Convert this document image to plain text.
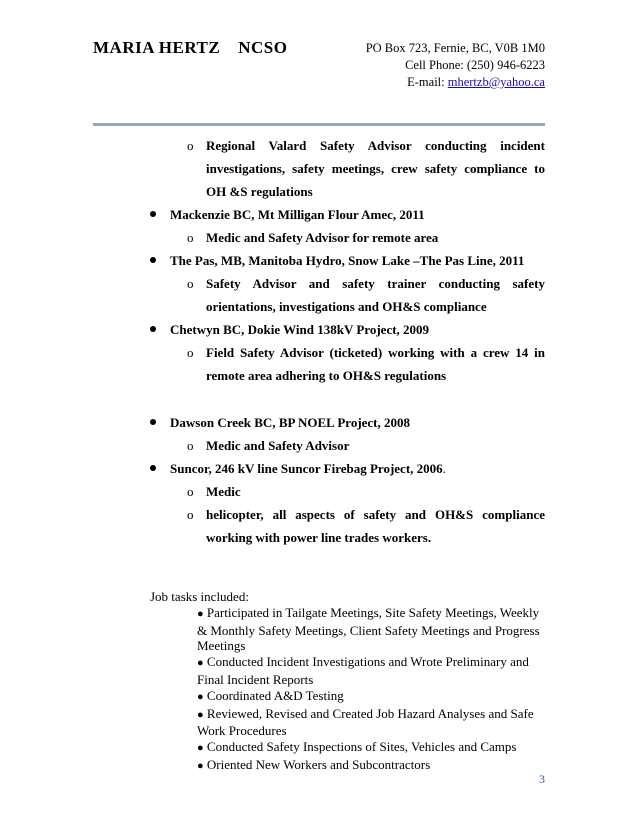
MARIA HERTZ NCSO	PO Box 723, Fernie, BC, V0B 1M0
Cell Phone: (250) 946-6223
E-mail: mhertzb@yahoo.ca

o Regional Valard Safety Advisor conducting incident investigations, safety meetings, crew safety compliance to OH &S regulations

Mackenzie BC, Mt Milligan Flour Amec, 2011

o Medic and Safety Advisor for remote area

The Pas, MB, Manitoba Hydro, Snow Lake –The Pas Line, 2011

o Safety Advisor and safety trainer conducting safety orientations, investigations and OH&S compliance

Chetwyn BC, Dokie Wind 138kV Project, 2009

o Field Safety Advisor (ticketed) working with a crew 14 in remote area adhering to OH&S regulations

Dawson Creek BC, BP NOEL Project, 2008

o Medic and Safety Advisor

Suncor, 246 kV line Suncor Firebag Project, 2006.

o Medic

o helicopter, all aspects of safety and OH&S compliance working with power line trades workers.

Job tasks included:
● Participated in Tailgate Meetings, Site Safety Meetings, Weekly & Monthly Safety Meetings, Client Safety Meetings and Progress Meetings
● Conducted Incident Investigations and Wrote Preliminary and Final Incident Reports
● Coordinated A&D Testing
● Reviewed, Revised and Created Job Hazard Analyses and Safe Work Procedures
● Conducted Safety Inspections of Sites, Vehicles and Camps
● Oriented New Workers and Subcontractors
3
